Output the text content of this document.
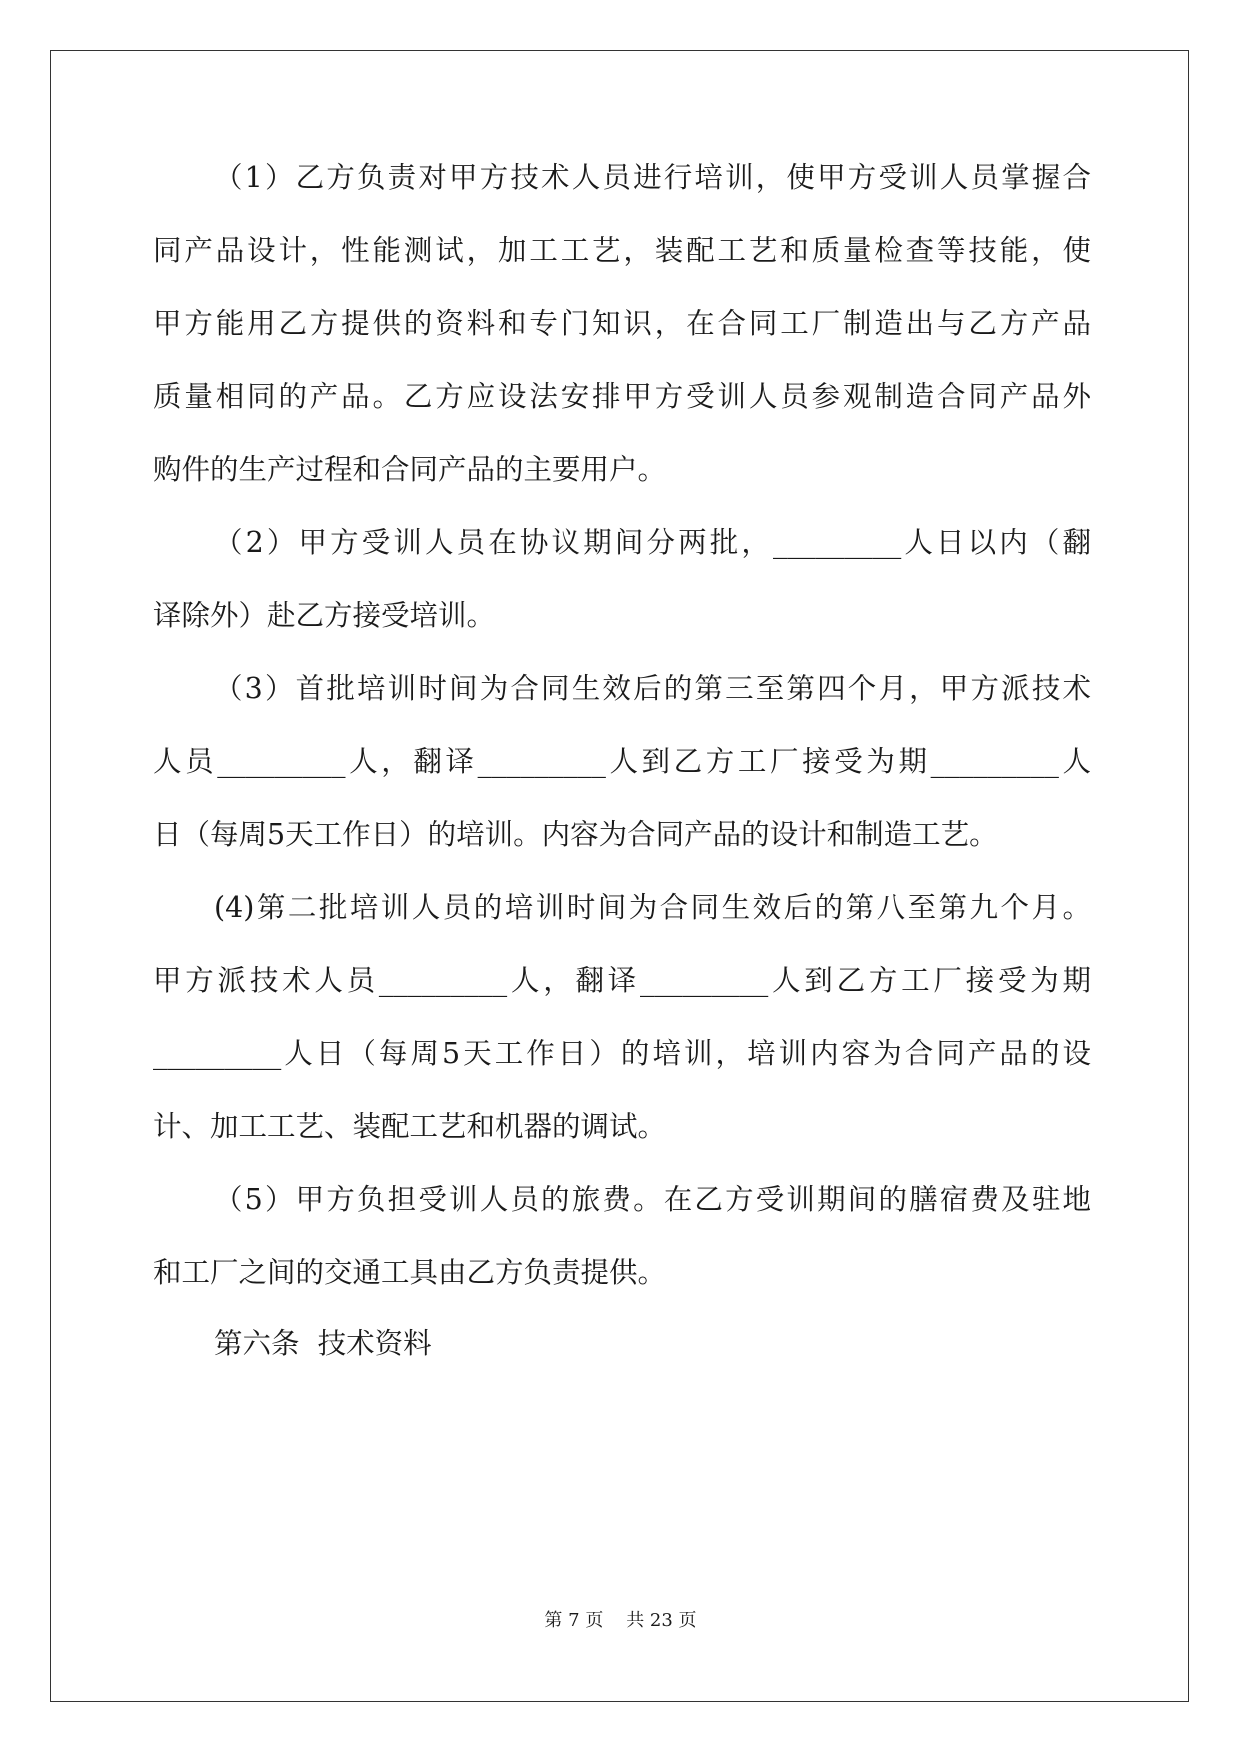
（1）乙方负责对甲方技术人员进行培训，使甲方受训人员掌握合
同产品设计，性能测试，加工工艺，装配工艺和质量检查等技能，使
甲方能用乙方提供的资料和专门知识，在合同工厂制造出与乙方产品
质量相同的产品。乙方应设法安排甲方受训人员参观制造合同产品外
购件的生产过程和合同产品的主要用户。
（2）甲方受训人员在协议期间分两批，_________人日以内（翻
译除外）赴乙方接受培训。
（3）首批培训时间为合同生效后的第三至第四个月，甲方派技术
人员_________人，翻译_________人到乙方工厂接受为期_________人
日（每周5天工作日）的培训。内容为合同产品的设计和制造工艺。
(4)第二批培训人员的培训时间为合同生效后的第八至第九个月。
甲方派技术人员_________人，翻译_________人到乙方工厂接受为期
_________人日（每周5天工作日）的培训，培训内容为合同产品的设
计、加工工艺、装配工艺和机器的调试。
（5）甲方负担受训人员的旅费。在乙方受训期间的膳宿费及驻地
和工厂之间的交通工具由乙方负责提供。
第六条  技术资料
第 7 页    共 23 页
